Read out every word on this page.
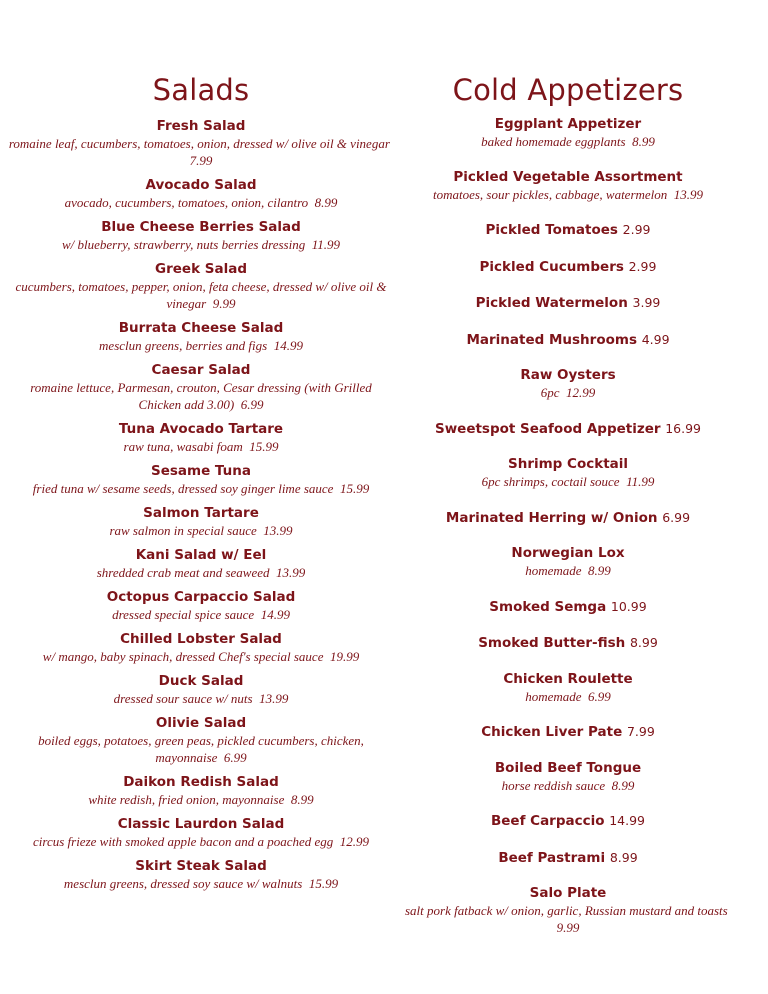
Salads
Fresh Salad
romaine leaf, cucumbers, tomatoes, onion, dressed w/ olive oil & vinegar  7.99
Avocado Salad
avocado, cucumbers, tomatoes, onion, cilantro 8.99
Blue Cheese Berries Salad
w/ blueberry, strawberry, nuts berries dressing 11.99
Greek Salad
cucumbers, tomatoes, pepper, onion, feta cheese, dressed w/ olive oil & vinegar 9.99
Burrata Cheese Salad
mesclun greens, berries and figs 14.99
Caesar Salad
romaine lettuce, Parmesan, crouton, Cesar dressing (with Grilled Chicken add 3.00) 6.99
Tuna Avocado Tartare
raw tuna, wasabi foam 15.99
Sesame Tuna
fried tuna w/ sesame seeds, dressed soy ginger lime sauce 15.99
Salmon Tartare
raw salmon in special sauce 13.99
Kani Salad w/ Eel
shredded crab meat and seaweed 13.99
Octopus Carpaccio Salad
dressed special spice sauce 14.99
Chilled Lobster Salad
w/ mango, baby spinach, dressed Chef's special sauce 19.99
Duck Salad
dressed sour sauce w/ nuts 13.99
Olivie Salad
boiled eggs, potatoes, green peas, pickled cucumbers, chicken, mayonnaise 6.99
Daikon Redish Salad
white redish, fried onion, mayonnaise 8.99
Classic Laurdon Salad
circus frieze with smoked apple bacon and a poached egg 12.99
Skirt Steak Salad
mesclun greens, dressed soy sauce w/ walnuts 15.99
Cold Appetizers
Eggplant Appetizer
baked homemade eggplants 8.99
Pickled Vegetable Assortment
tomatoes, sour pickles, cabbage, watermelon 13.99
Pickled Tomatoes 2.99
Pickled Cucumbers 2.99
Pickled Watermelon 3.99
Marinated Mushrooms 4.99
Raw Oysters
6pc 12.99
Sweetspot Seafood Appetizer 16.99
Shrimp Cocktail
6pc shrimps, coctail souce 11.99
Marinated Herring w/ Onion 6.99
Norwegian Lox
homemade 8.99
Smoked Semga 10.99
Smoked Butter-fish 8.99
Chicken Roulette
homemade 6.99
Chicken Liver Pate 7.99
Boiled Beef Tongue
horse reddish sauce 8.99
Beef Carpaccio 14.99
Beef Pastrami 8.99
Salo Plate
salt pork fatback w/ onion, garlic, Russian mustard and toasts  9.99
